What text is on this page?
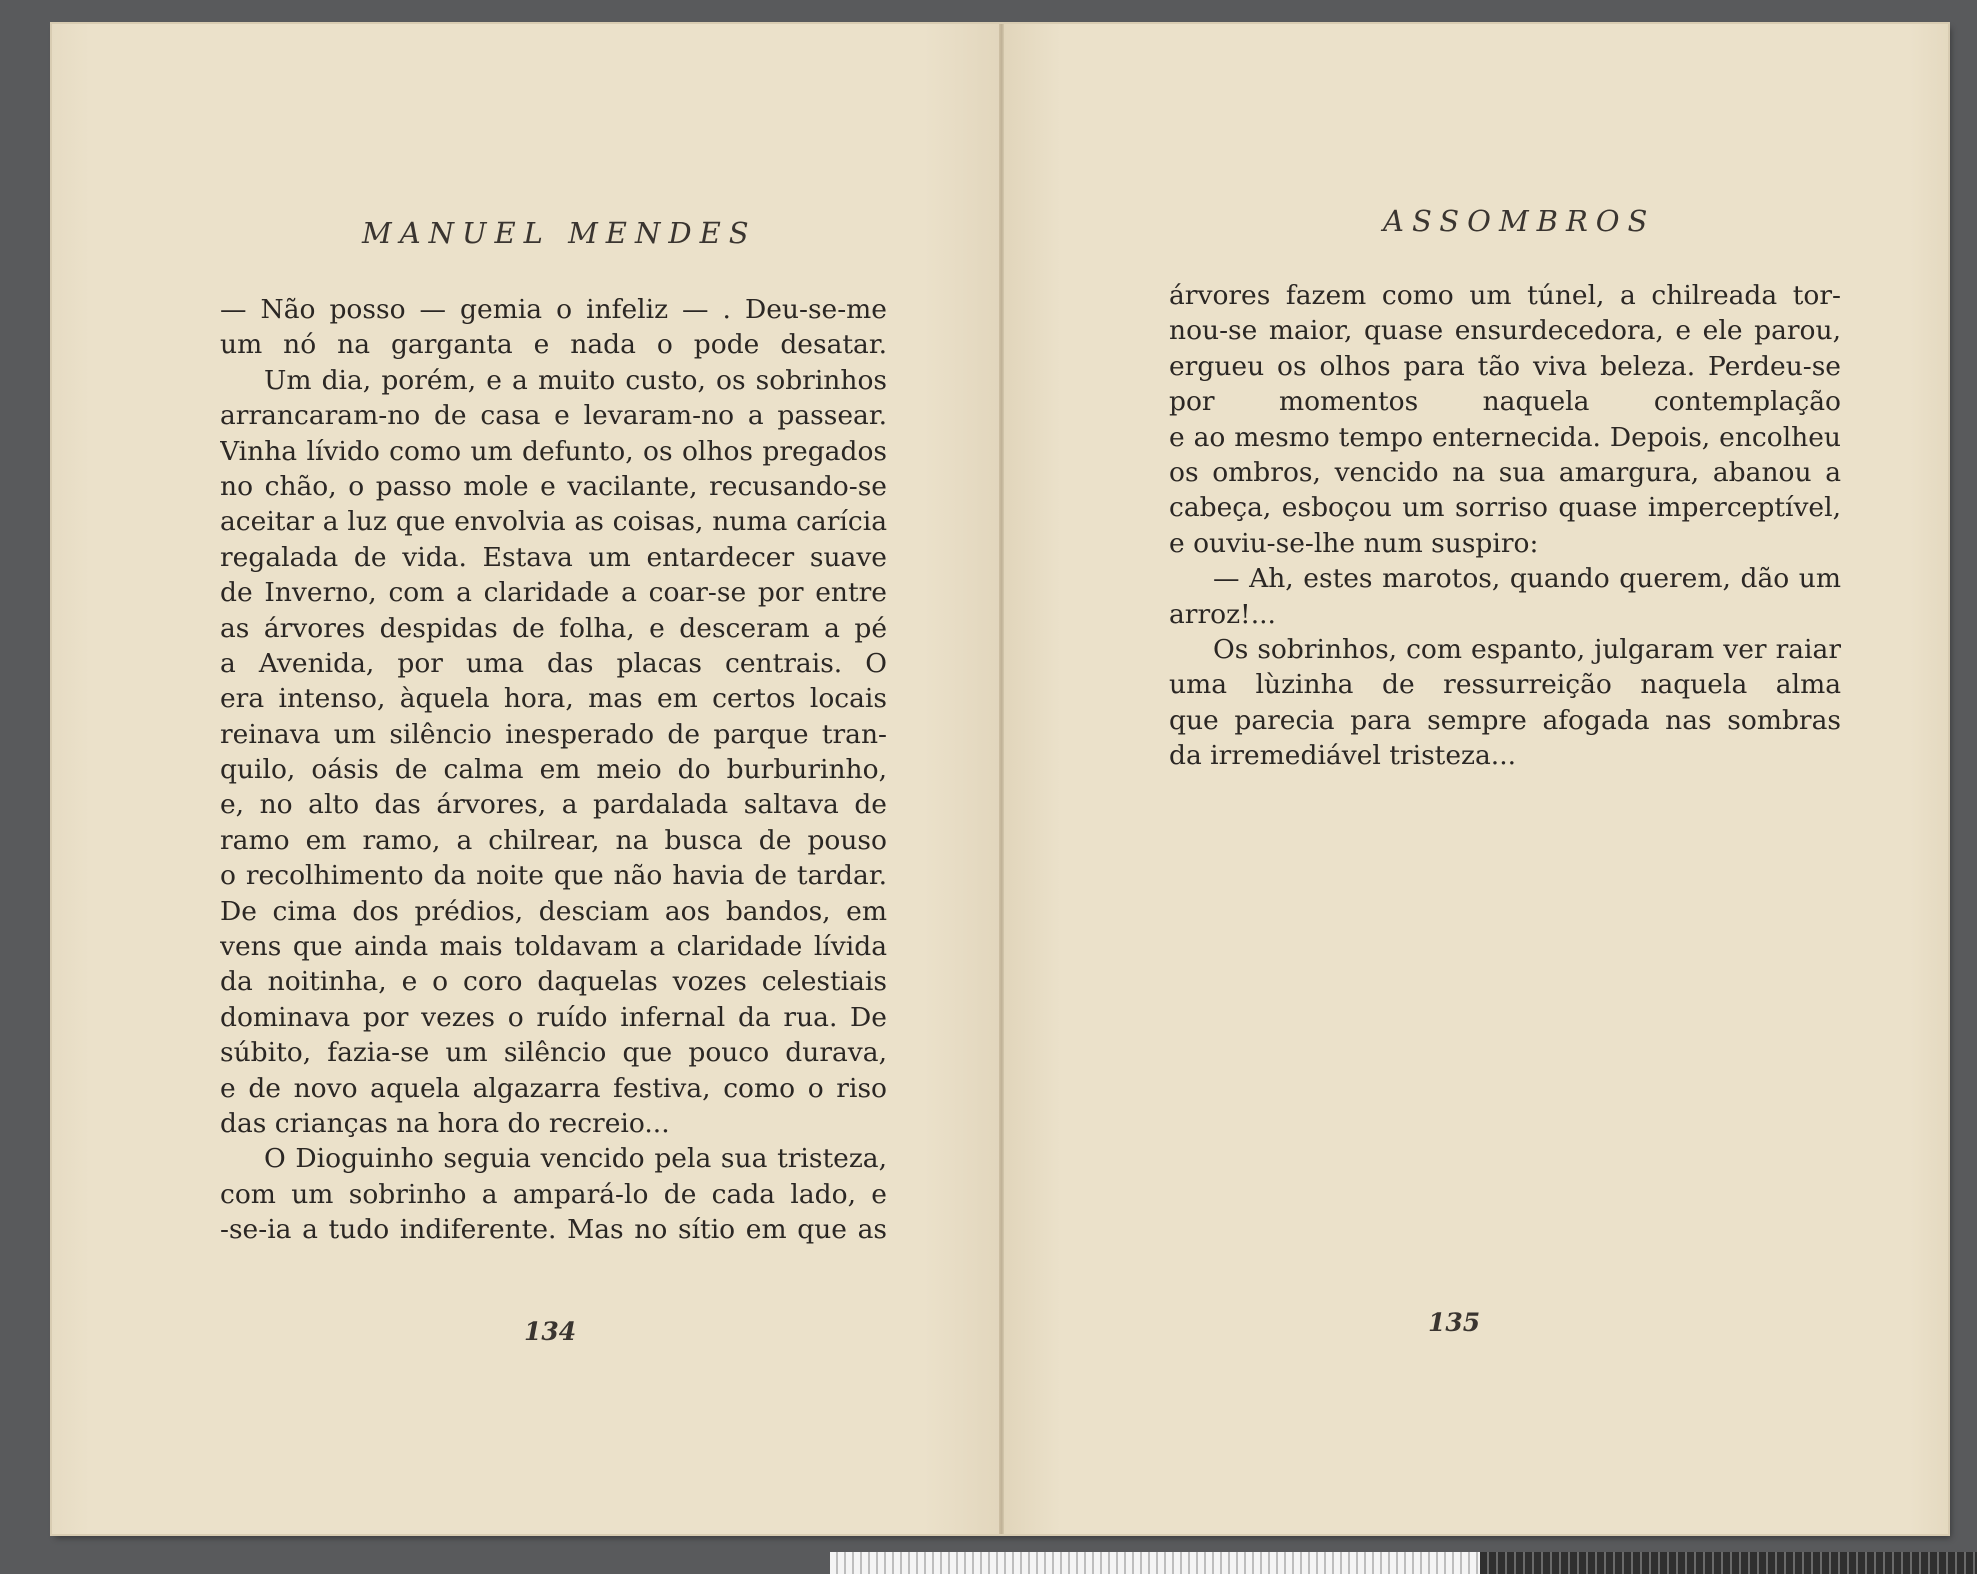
MANUEL MENDES
— Não posso — gemia o infeliz — . Deu-se-me
um nó na garganta e nada o pode desatar.
Um dia, porém, e a muito custo, os sobrinhos
arrancaram-no de casa e levaram-no a passear.
Vinha lívido como um defunto, os olhos pregados
no chão, o passo mole e vacilante, recusando-se
aceitar a luz que envolvia as coisas, numa carícia
regalada de vida. Estava um entardecer suave
de Inverno, com a claridade a coar-se por entre
as árvores despidas de folha, e desceram a pé
a Avenida, por uma das placas centrais. O
era intenso, àquela hora, mas em certos locais
reinava um silêncio inesperado de parque tran-
quilo, oásis de calma em meio do burburinho,
e, no alto das árvores, a pardalada saltava de
ramo em ramo, a chilrear, na busca de pouso
o recolhimento da noite que não havia de tardar.
De cima dos prédios, desciam aos bandos, em
vens que ainda mais toldavam a claridade lívida
da noitinha, e o coro daquelas vozes celestiais
dominava por vezes o ruído infernal da rua. De
súbito, fazia-se um silêncio que pouco durava,
e de novo aquela algazarra festiva, como o riso
das crianças na hora do recreio...
O Dioguinho seguia vencido pela sua tristeza,
com um sobrinho a ampará-lo de cada lado, e
-se-ia a tudo indiferente. Mas no sítio em que as
134
ASSOMBROS
árvores fazem como um túnel, a chilreada tor-
nou-se maior, quase ensurdecedora, e ele parou,
ergueu os olhos para tão viva beleza. Perdeu-se
por momentos naquela contemplação
e ao mesmo tempo enternecida. Depois, encolheu
os ombros, vencido na sua amargura, abanou a
cabeça, esboçou um sorriso quase imperceptível,
e ouviu-se-lhe num suspiro:
— Ah, estes marotos, quando querem, dão um
arroz!...
Os sobrinhos, com espanto, julgaram ver raiar
uma lùzinha de ressurreição naquela alma
que parecia para sempre afogada nas sombras
da irremediável tristeza...
135
